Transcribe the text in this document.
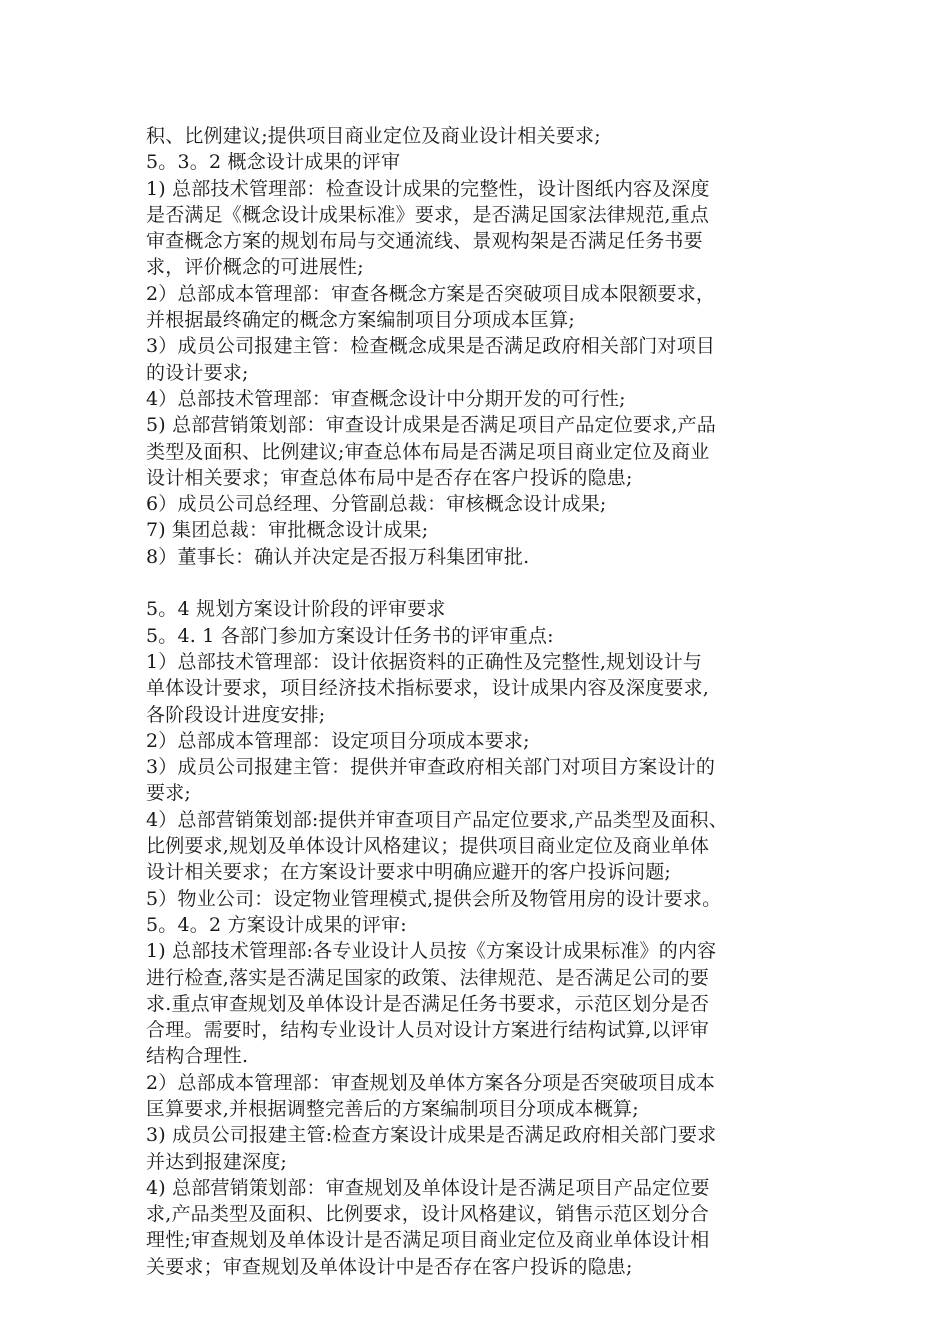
积、比例建议;提供项目商业定位及商业设计相关要求;
5。3。2 概念设计成果的评审
1) 总部技术管理部：检查设计成果的完整性，设计图纸内容及深度
是否满足《概念设计成果标准》要求，是否满足国家法律规范,重点
审查概念方案的规划布局与交通流线、景观构架是否满足任务书要
求，评价概念的可进展性;
2）总部成本管理部：审查各概念方案是否突破项目成本限额要求，
并根据最终确定的概念方案编制项目分项成本匡算;
3）成员公司报建主管：检查概念成果是否满足政府相关部门对项目
的设计要求;
4）总部技术管理部：审查概念设计中分期开发的可行性;
5) 总部营销策划部：审查设计成果是否满足项目产品定位要求,产品
类型及面积、比例建议;审查总体布局是否满足项目商业定位及商业
设计相关要求；审查总体布局中是否存在客户投诉的隐患;
6）成员公司总经理、分管副总裁：审核概念设计成果;
7) 集团总裁：审批概念设计成果;
8）董事长：确认并决定是否报万科集团审批.
5。4 规划方案设计阶段的评审要求
5。4. 1 各部门参加方案设计任务书的评审重点:
1）总部技术管理部：设计依据资料的正确性及完整性,规划设计与
单体设计要求，项目经济技术指标要求，设计成果内容及深度要求,
各阶段设计进度安排;
2）总部成本管理部：设定项目分项成本要求;
3）成员公司报建主管：提供并审查政府相关部门对项目方案设计的
要求;
4）总部营销策划部:提供并审查项目产品定位要求,产品类型及面积、
比例要求,规划及单体设计风格建议；提供项目商业定位及商业单体
设计相关要求；在方案设计要求中明确应避开的客户投诉问题;
5）物业公司：设定物业管理模式,提供会所及物管用房的设计要求。
5。4。2 方案设计成果的评审:
1) 总部技术管理部:各专业设计人员按《方案设计成果标准》的内容
进行检查,落实是否满足国家的政策、法律规范、是否满足公司的要
求.重点审查规划及单体设计是否满足任务书要求，示范区划分是否
合理。需要时，结构专业设计人员对设计方案进行结构试算,以评审
结构合理性.
2）总部成本管理部：审查规划及单体方案各分项是否突破项目成本
匡算要求,并根据调整完善后的方案编制项目分项成本概算;
3) 成员公司报建主管:检查方案设计成果是否满足政府相关部门要求
并达到报建深度;
4) 总部营销策划部：审查规划及单体设计是否满足项目产品定位要
求,产品类型及面积、比例要求，设计风格建议，销售示范区划分合
理性;审查规划及单体设计是否满足项目商业定位及商业单体设计相
关要求；审查规划及单体设计中是否存在客户投诉的隐患;
